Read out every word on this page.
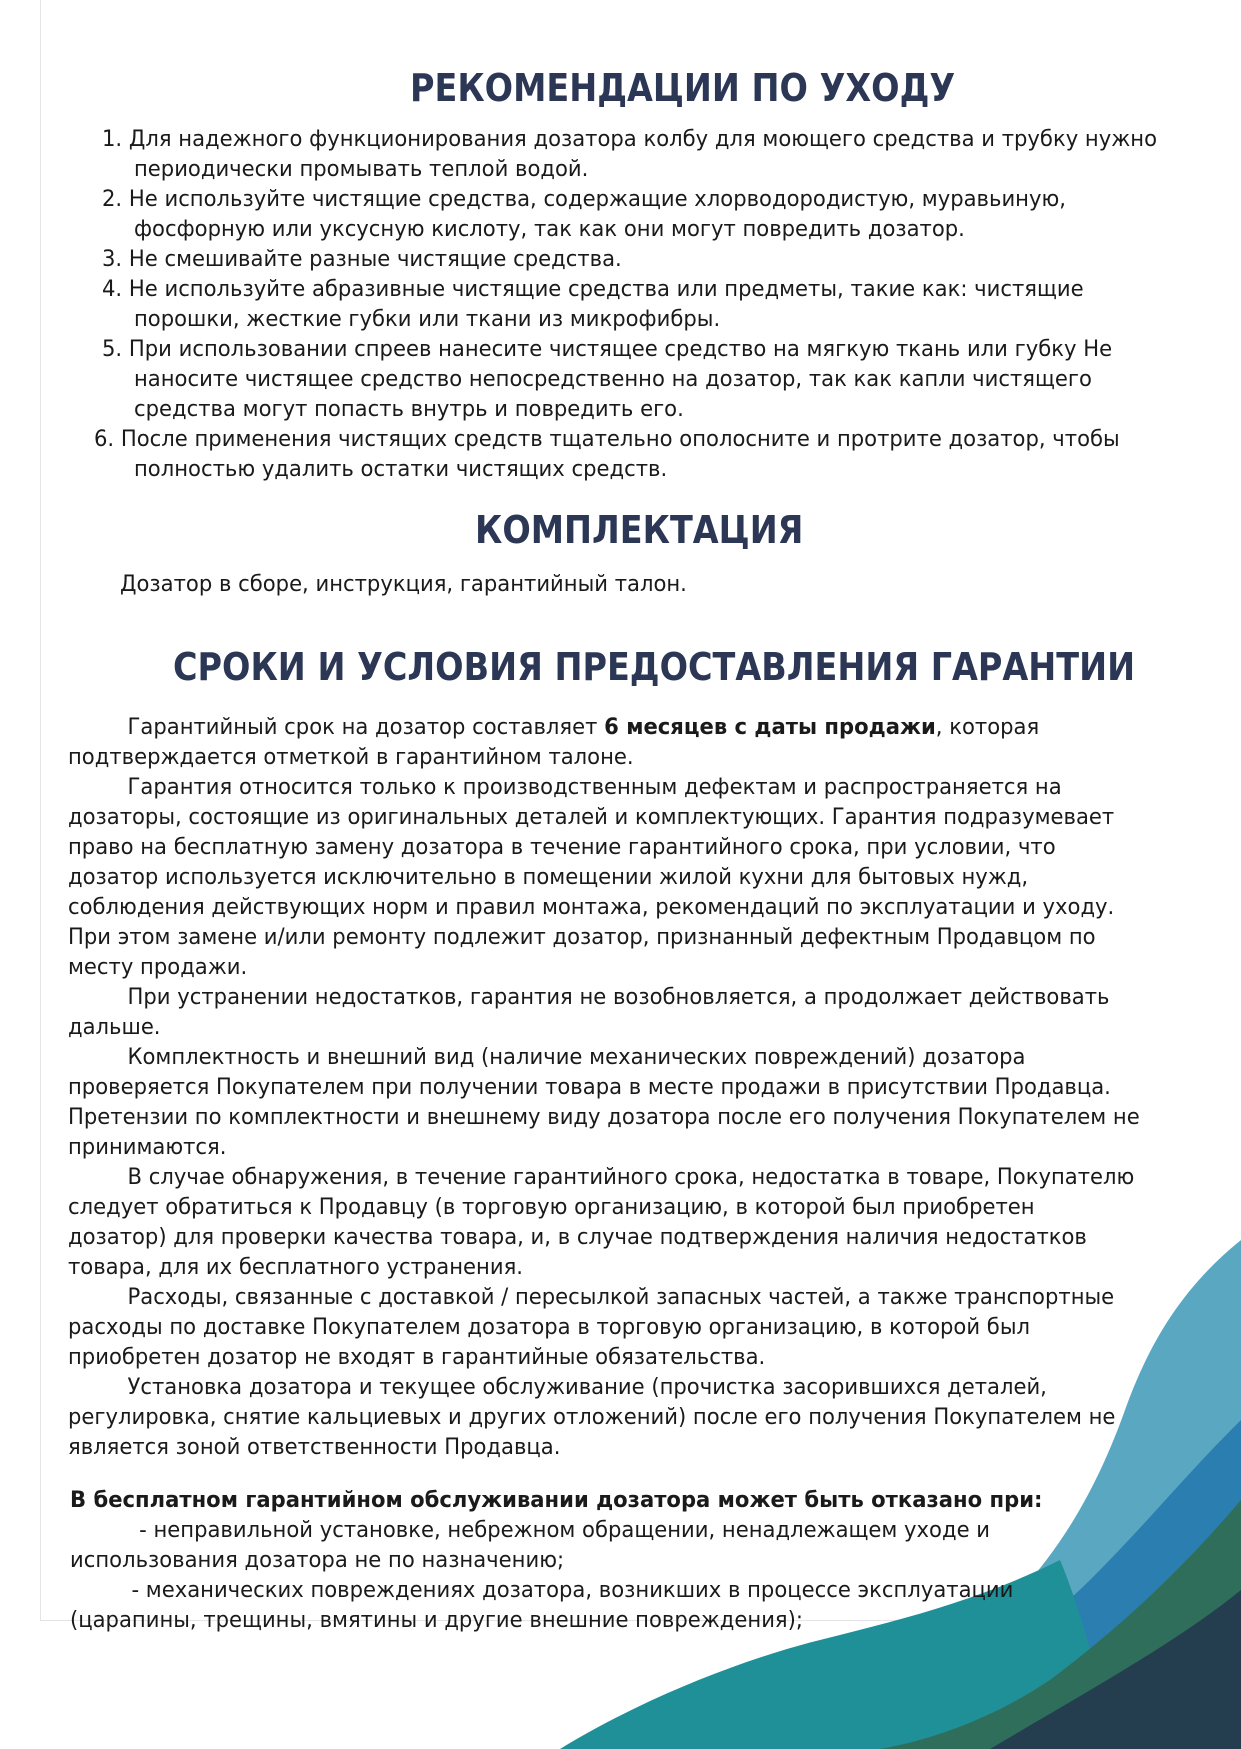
РЕКОМЕНДАЦИИ ПО УХОДУ
1. Для надежного функционирования дозатора колбу для моющего средства и трубку нужно
периодически промывать теплой водой.
2. Не используйте чистящие средства, содержащие хлорводородистую, муравьиную,
фосфорную или уксусную кислоту, так как они могут повредить дозатор.
3. Не смешивайте разные чистящие средства.
4. Не используйте абразивные чистящие средства или предметы, такие как: чистящие
порошки, жесткие губки или ткани из микрофибры.
5. При использовании спреев нанесите чистящее средство на мягкую ткань или губку Не
наносите чистящее средство непосредственно на дозатор, так как капли чистящего
средства могут попасть внутрь и повредить его.
6. После применения чистящих средств тщательно ополосните и протрите дозатор, чтобы
полностью удалить остатки чистящих средств.
КОМПЛЕКТАЦИЯ
Дозатор в сборе, инструкция, гарантийный талон.
СРОКИ И УСЛОВИЯ ПРЕДОСТАВЛЕНИЯ ГАРАНТИИ
Гарантийный срок на дозатор составляет 6 месяцев с даты продажи, которая
подтверждается отметкой в гарантийном талоне.
Гарантия относится только к производственным дефектам и распространяется на
дозаторы, состоящие из оригинальных деталей и комплектующих. Гарантия подразумевает
право на бесплатную замену дозатора в течение гарантийного срока, при условии, что
дозатор используется исключительно в помещении жилой кухни для бытовых нужд,
соблюдения действующих норм и правил монтажа, рекомендаций по эксплуатации и уходу.
При этом замене и/или ремонту подлежит дозатор, признанный дефектным Продавцом по
месту продажи.
При устранении недостатков, гарантия не возобновляется, а продолжает действовать
дальше.
Комплектность и внешний вид (наличие механических повреждений) дозатора
проверяется Покупателем при получении товара в месте продажи в присутствии Продавца.
Претензии по комплектности и внешнему виду дозатора после его получения Покупателем не
принимаются.
В случае обнаружения, в течение гарантийного срока, недостатка в товаре, Покупателю
следует обратиться к Продавцу (в торговую организацию, в которой был приобретен
дозатор) для проверки качества товара, и, в случае подтверждения наличия недостатков
товара, для их бесплатного устранения.
Расходы, связанные с доставкой / пересылкой запасных частей, а также транспортные
расходы по доставке Покупателем дозатора в торговую организацию, в которой был
приобретен дозатор не входят в гарантийные обязательства.
Установка дозатора и текущее обслуживание (прочистка засорившихся деталей,
регулировка, снятие кальциевых и других отложений) после его получения Покупателем не
является зоной ответственности Продавца.
В бесплатном гарантийном обслуживании дозатора может быть отказано при:
- неправильной установке, небрежном обращении, ненадлежащем уходе и
использования дозатора не по назначению;
- механических повреждениях дозатора, возникших в процессе эксплуатации
(царапины, трещины, вмятины и другие внешние повреждения);
